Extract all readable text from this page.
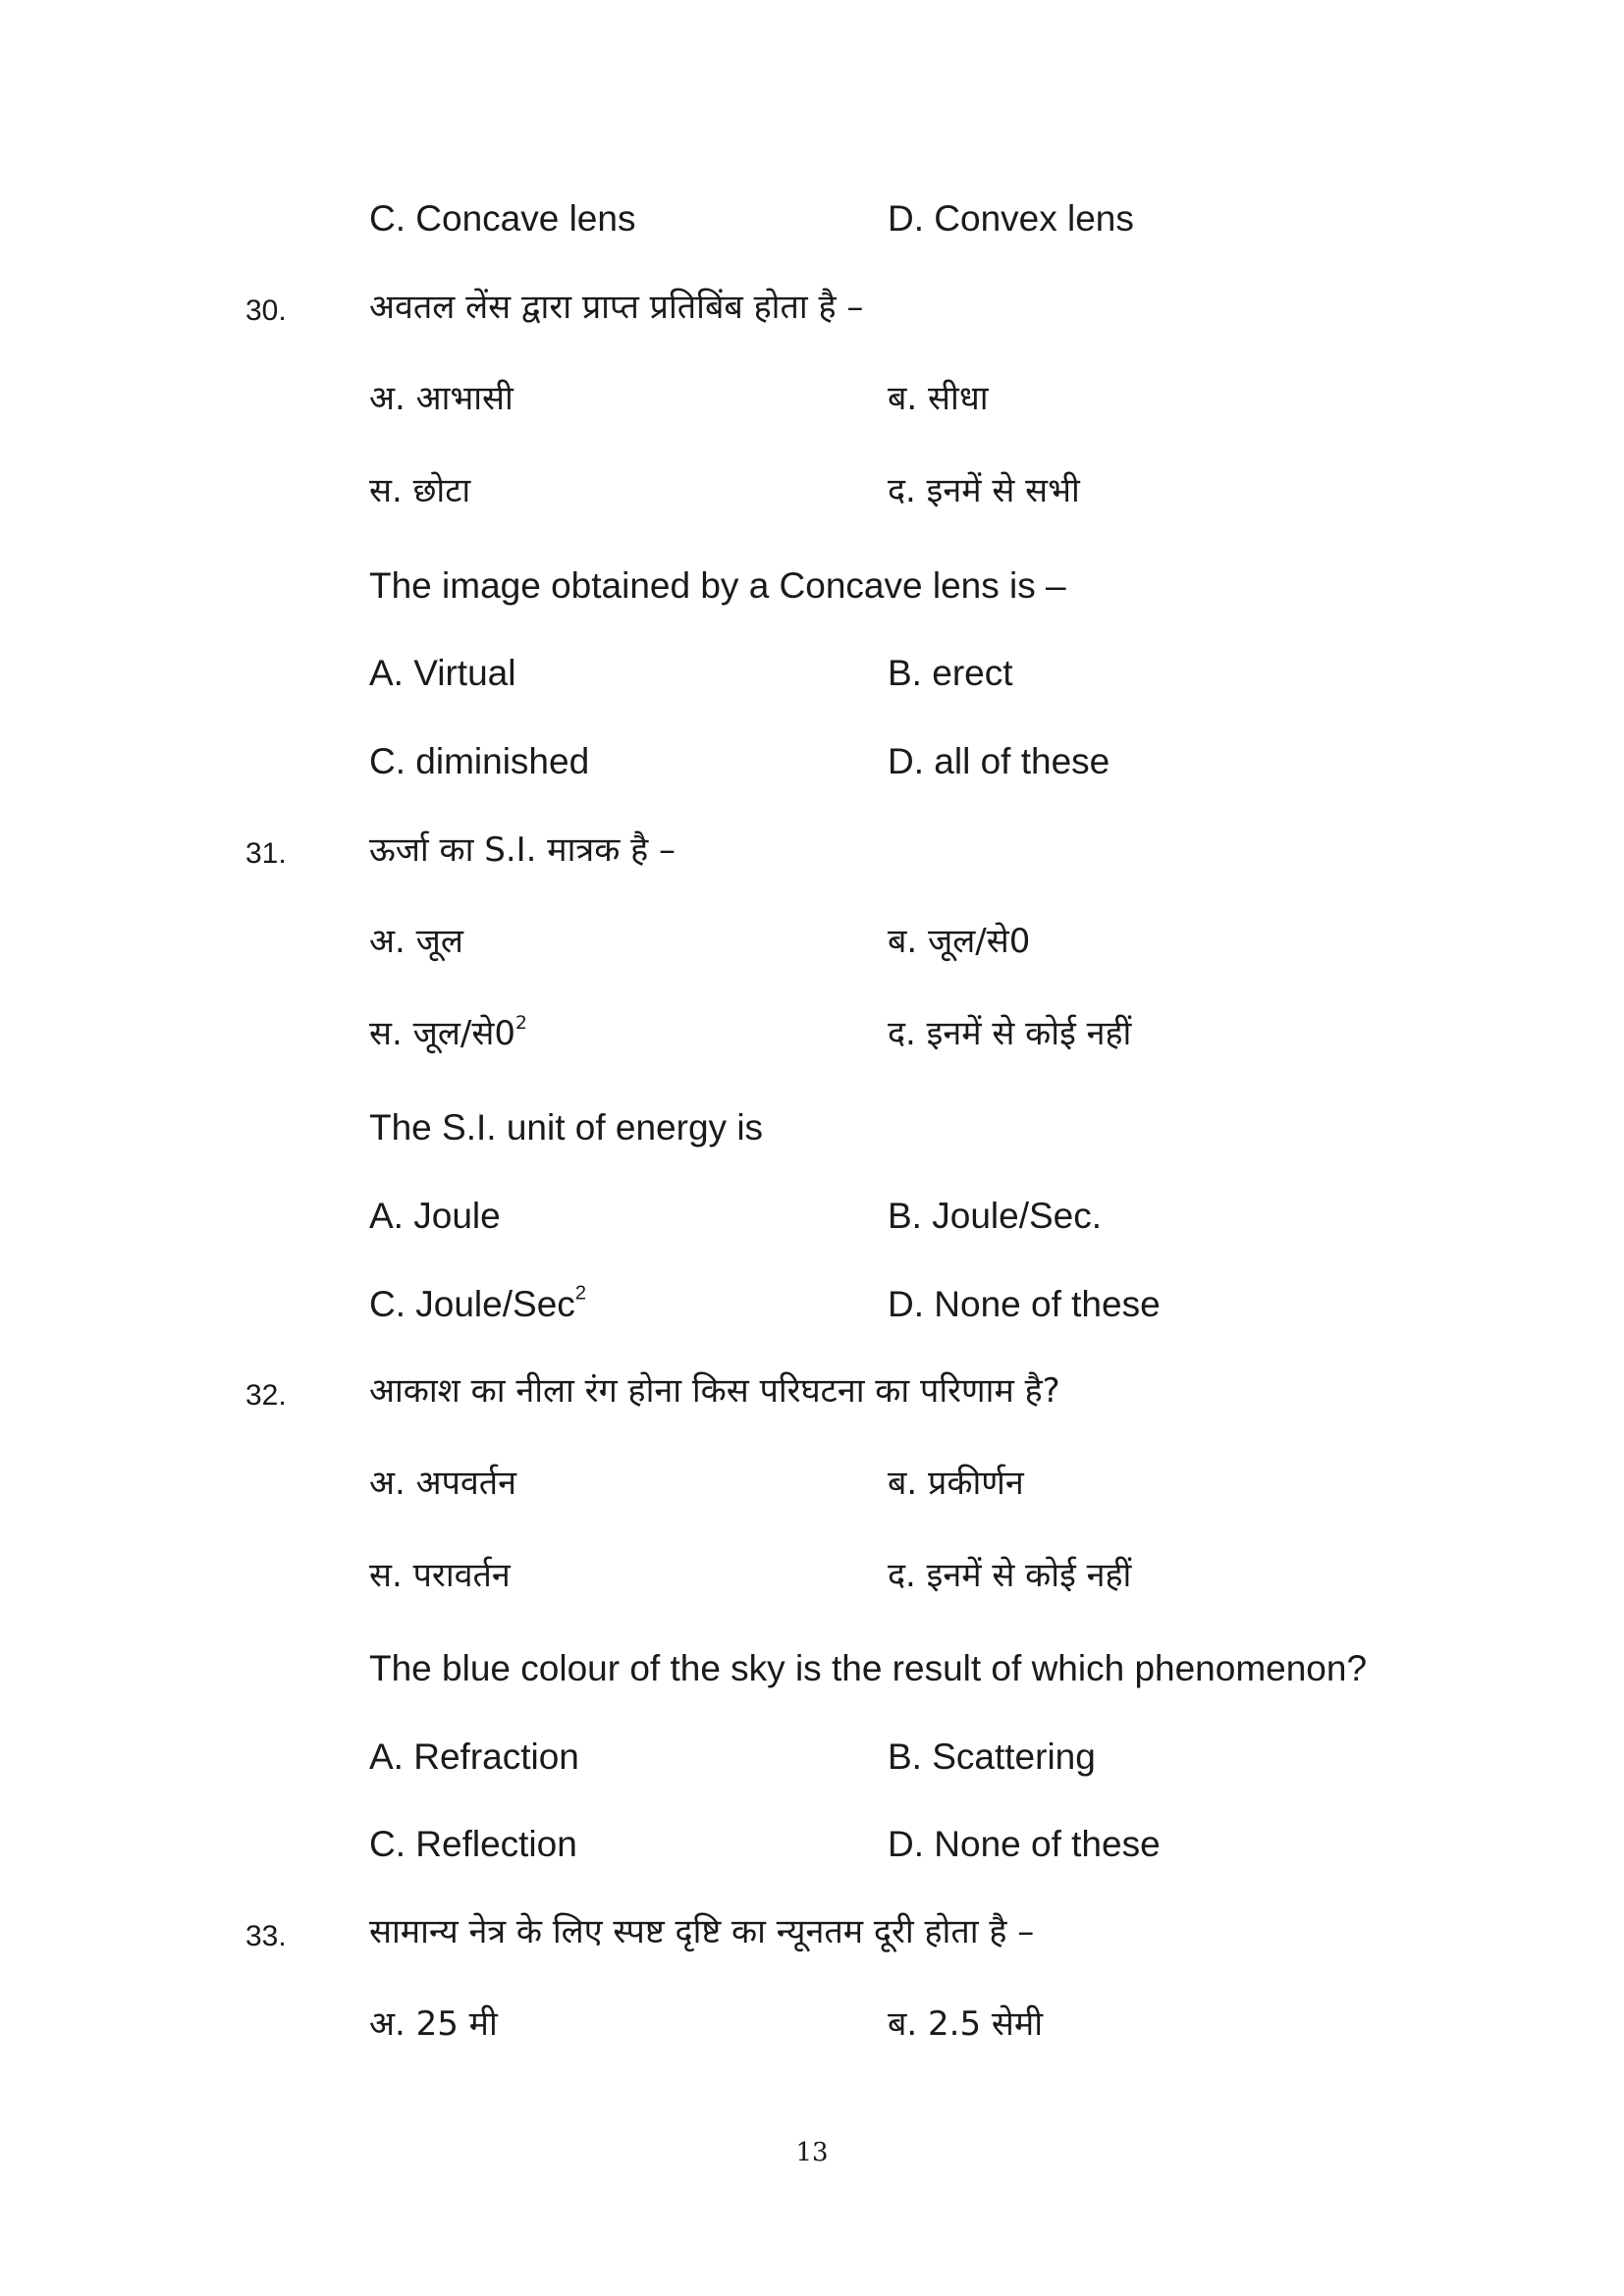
C. Concave lens	D. Convex lens
30. अवतल लेंस द्वारा प्राप्त प्रतिबिंब होता है –
अ. आभासी	ब. सीधा
स. छोटा	द. इनमें से सभी
The image obtained by a Concave lens is –
A. Virtual	B. erect
C. diminished	D. all of these
31. ऊर्जा का S.I. मात्रक है –
अ. जूल	ब. जूल/से0
स. $जूल/से0^2$	द. इनमें से कोई नहीं
The S.I. unit of energy is
A. Joule	B. Joule/Sec.
C. Joule/Sec$^2$	D. None of these
32. आकाश का नीला रंग होना किस परिघटना का परिणाम है?
अ. अपवर्तन	ब. प्रकीर्णन
स. परावर्तन	द. इनमें से कोई नहीं
The blue colour of the sky is the result of which phenomenon?
A. Refraction	B. Scattering
C. Reflection	D. None of these
33. सामान्य नेत्र के लिए स्पष्ट दृष्टि का न्यूनतम दूरी होता है –
अ. 25 मी	ब. 2.5 सेमी
13
